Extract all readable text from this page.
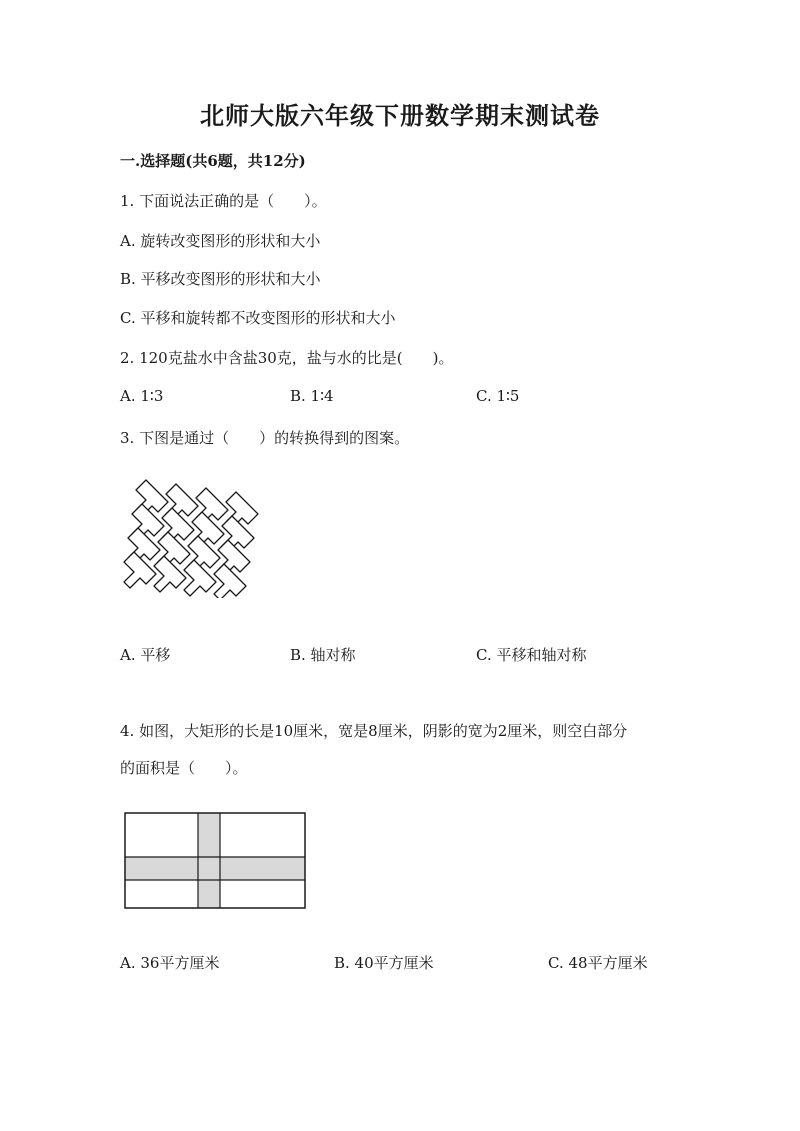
北师大版六年级下册数学期末测试卷
一.选择题(共6题，共12分)
1. 下面说法正确的是（　　）。
A. 旋转改变图形的形状和大小
B. 平移改变图形的形状和大小
C. 平移和旋转都不改变图形的形状和大小
2. 120克盐水中含盐30克，盐与水的比是(　　)。
A. 1∶3	B. 1∶4	C. 1∶5
3. 下图是通过（　　）的转换得到的图案。
A. 平移	B. 轴对称	C. 平移和轴对称
4. 如图，大矩形的长是10厘米，宽是8厘米，阴影的宽为2厘米，则空白部分
的面积是（　　）。
A. 36平方厘米	B. 40平方厘米	C. 48平方厘米
